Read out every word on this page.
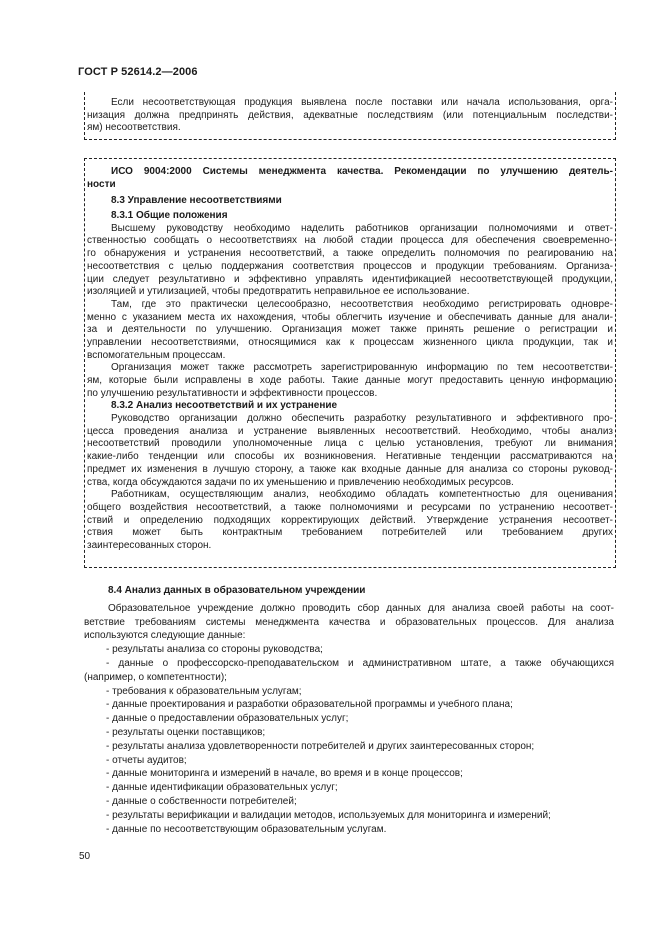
ГОСТ Р 52614.2—2006
Если несоответствующая продукция выявлена после поставки или начала использования, орга-
низация должна предпринять действия, адекватные последствиям (или потенциальным последстви-
ям) несоответствия.
ИСО 9004:2000 Системы менеджмента качества. Рекомендации по улучшению деятель-
ности
8.3 Управление несоответствиями
8.3.1 Общие положения
Высшему руководству необходимо наделить работников организации полномочиями и ответ-
ственностью сообщать о несоответствиях на любой стадии процесса для обеспечения своевременно-
го обнаружения и устранения несоответствий, а также определить полномочия по реагированию на
несоответствия с целью поддержания соответствия процессов и продукции требованиям. Организа-
ции следует результативно и эффективно управлять идентификацией несоответствующей продукции,
изоляцией и утилизацией, чтобы предотвратить неправильное ее использование.
Там, где это практически целесообразно, несоответствия необходимо регистрировать одновре-
менно с указанием места их нахождения, чтобы облегчить изучение и обеспечивать данные для анали-
за и деятельности по улучшению. Организация может также принять решение о регистрации и
управлении несоответствиями, относящимися как к процессам жизненного цикла продукции, так и
вспомогательным процессам.
Организация может также рассмотреть зарегистрированную информацию по тем несоответстви-
ям, которые были исправлены в ходе работы. Такие данные могут предоставить ценную информацию
по улучшению результативности и эффективности процессов.
8.3.2 Анализ несоответствий и их устранение
Руководство организации должно обеспечить разработку результативного и эффективного про-
цесса проведения анализа и устранение выявленных несоответствий. Необходимо, чтобы анализ
несоответствий проводили уполномоченные лица с целью установления, требуют ли внимания
какие-либо тенденции или способы их возникновения. Негативные тенденции рассматриваются на
предмет их изменения в лучшую сторону, а также как входные данные для анализа со стороны руковод-
ства, когда обсуждаются задачи по их уменьшению и привлечению необходимых ресурсов.
Работникам, осуществляющим анализ, необходимо обладать компетентностью для оценивания
общего воздействия несоответствий, а также полномочиями и ресурсами по устранению несоответ-
ствий и определению подходящих корректирующих действий. Утверждение устранения несоответ-
ствия может быть контрактным требованием потребителей или требованием других
заинтересованных сторон.
8.4 Анализ данных в образовательном учреждении
Образовательное учреждение должно проводить сбор данных для анализа своей работы на соот-
ветствие требованиям системы менеджмента качества и образовательных процессов. Для анализа
используются следующие данные:
- результаты анализа со стороны руководства;
- данные о профессорско-преподавательском и административном штате, а также обучающихся
(например, о компетентности);
- требования к образовательным услугам;
- данные проектирования и разработки образовательной программы и учебного плана;
- данные о предоставлении образовательных услуг;
- результаты оценки поставщиков;
- результаты анализа удовлетворенности потребителей и других заинтересованных сторон;
- отчеты аудитов;
- данные мониторинга и измерений в начале, во время и в конце процессов;
- данные идентификации образовательных услуг;
- данные о собственности потребителей;
- результаты верификации и валидации методов, используемых для мониторинга и измерений;
- данные по несоответствующим образовательным услугам.
50
